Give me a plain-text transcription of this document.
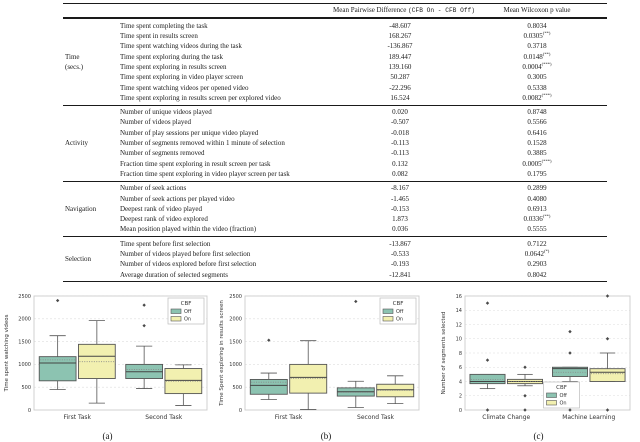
Mean Pairwise Difference (CFB On - CFB Off)	Mean Wilcoxon p value
Time
(secs.)
Time spent completing the task	-48.607	0.8034
Time spent in results screen	168.267	0.0305(**)
Time spent watching videos during the task	-136.867	0.3718
Time spent exploring during the task	189.447	0.0148(**)
Time spent exploring in results screen	139.160	0.0004(***)
Time spent exploring in video player screen	50.287	0.3005
Time spent watching videos per opened video	-22.296	0.5338
Time spent exploring in results screen per explored video	16.524	0.0082(***)
Activity
Number of unique videos played	0.020	0.8748
Number of videos played	-0.507	0.5566
Number of play sessions per unique video played	-0.018	0.6416
Number of segments removed within 1 minute of selection	-0.113	0.1528
Number of segments removed	-0.113	0.3885
Fraction time spent exploring in result screen per task	0.132	0.0005(***)
Fraction time spent exploring in video player screen per task	0.082	0.1795
Navigation
Number of seek actions	-8.167	0.2899
Number of seek actions per played video	-1.465	0.4080
Deepest rank of video played	-0.153	0.6913
Deepest rank of video explored	1.873	0.0336(**)
Mean position played within the video (fraction)	0.036	0.5555
Selection
Time spent before first selection	-13.867	0.7122
Number of videos played before first selection	-0.533	0.0642(*)
Number of videos explored before first selection	-0.193	0.2903
Average duration of selected segments	-12.841	0.8042
0
500
1000
1500
2000
2500
Time spent watching videos
First Task	Second Task
CBF
Off
On
(a)
0
500
1000
1500
2000
2500
Time Spent exploring in results screen
First Task	Second Task
CBF
Off
On
(b)
0
2
4
6
8
10
12
14
16
Number of segments selected
Climate Change	Machine Learning
CBF
Off
On
(c)
